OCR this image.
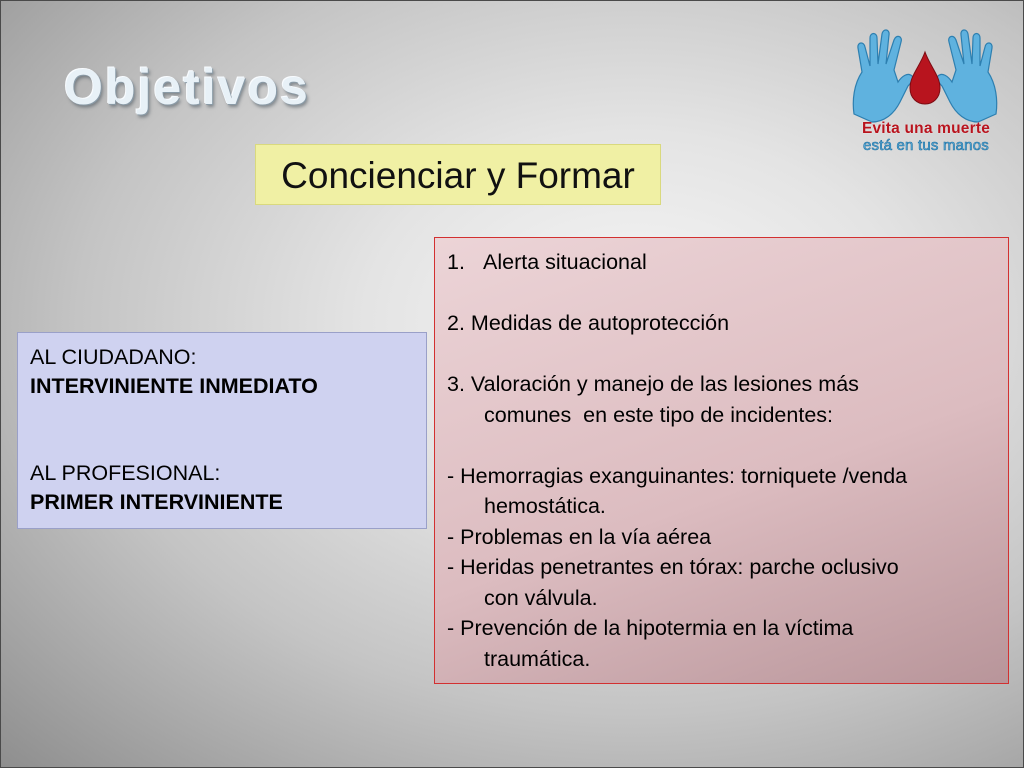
Objetivos
Concienciar y Formar
AL CIUDADANO:
INTERVINIENTE INMEDIATO
AL PROFESIONAL:
PRIMER INTERVINIENTE
1. Alerta situacional
2. Medidas de autoprotección
3. Valoración y manejo de las lesiones más
comunes  en este tipo de incidentes:
- Hemorragias exanguinantes: torniquete /venda
hemostática.
- Problemas en la vía aérea
- Heridas penetrantes en tórax: parche oclusivo
con válvula.
- Prevención de la hipotermia en la víctima
traumática.
Evita una muerte
está en tus manos
